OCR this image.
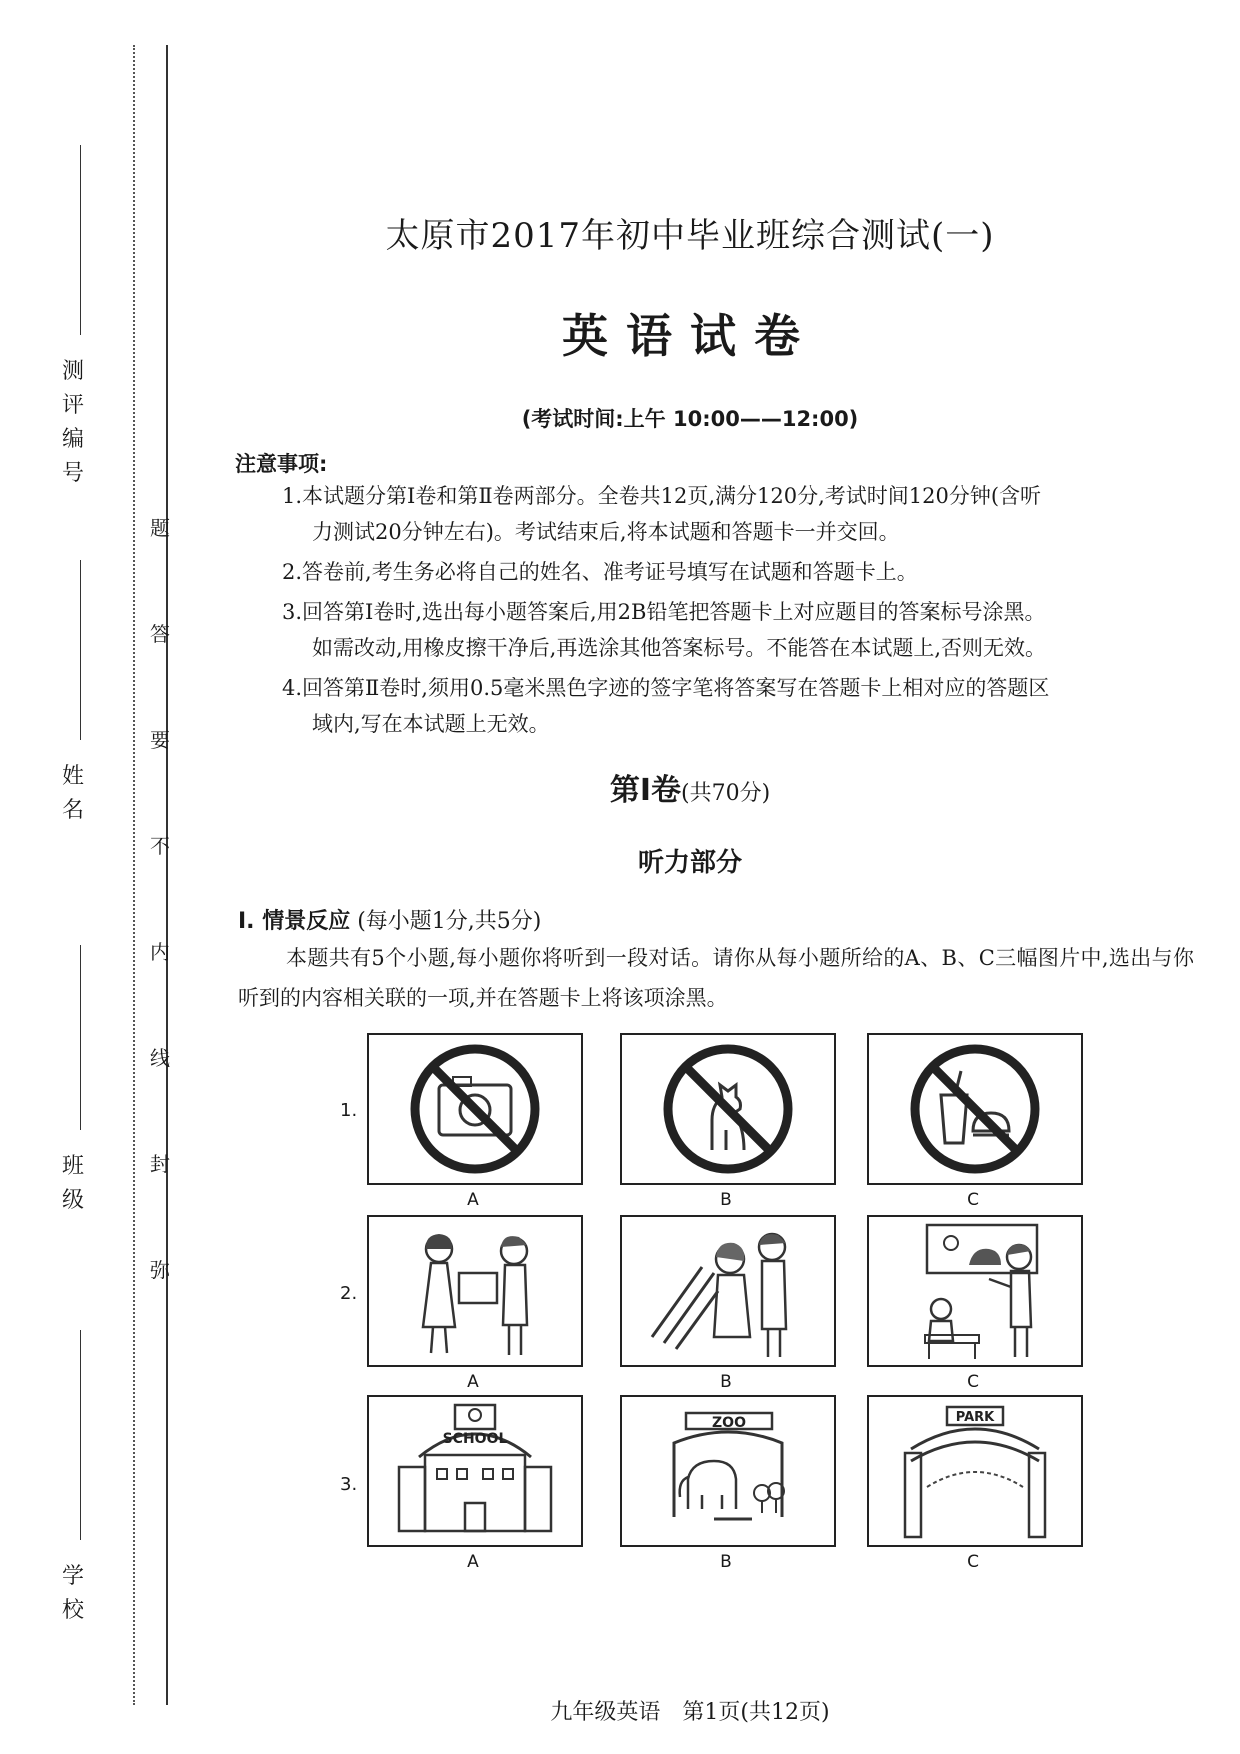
测评编号
姓　名
班　级
学　校
题
答
要
不
内
线
封
弥
太原市2017年初中毕业班综合测试(一)
英语试卷
(考试时间:上午 10:00——12:00)
注意事项:
1.本试题分第Ⅰ卷和第Ⅱ卷两部分。全卷共12页,满分120分,考试时间120分钟(含听
力测试20分钟左右)。考试结束后,将本试题和答题卡一并交回。
2.答卷前,考生务必将自己的姓名、准考证号填写在试题和答题卡上。
3.回答第Ⅰ卷时,选出每小题答案后,用2B铅笔把答题卡上对应题目的答案标号涂黑。
如需改动,用橡皮擦干净后,再选涂其他答案标号。不能答在本试题上,否则无效。
4.回答第Ⅱ卷时,须用0.5毫米黑色字迹的签字笔将答案写在答题卡上相对应的答题区
域内,写在本试题上无效。
第Ⅰ卷(共70分)
听力部分
Ⅰ. 情景反应 (每小题1分,共5分)
本题共有5个小题,每小题你将听到一段对话。请你从每小题所给的A、B、C三幅图片中,选出与你听到的内容相关联的一项,并在答题卡上将该项涂黑。
1.
2.
3.
A	B	C
A	B	C
SCHOOL
ZOO	PARK
A	B	C
九年级英语　第1页(共12页)
